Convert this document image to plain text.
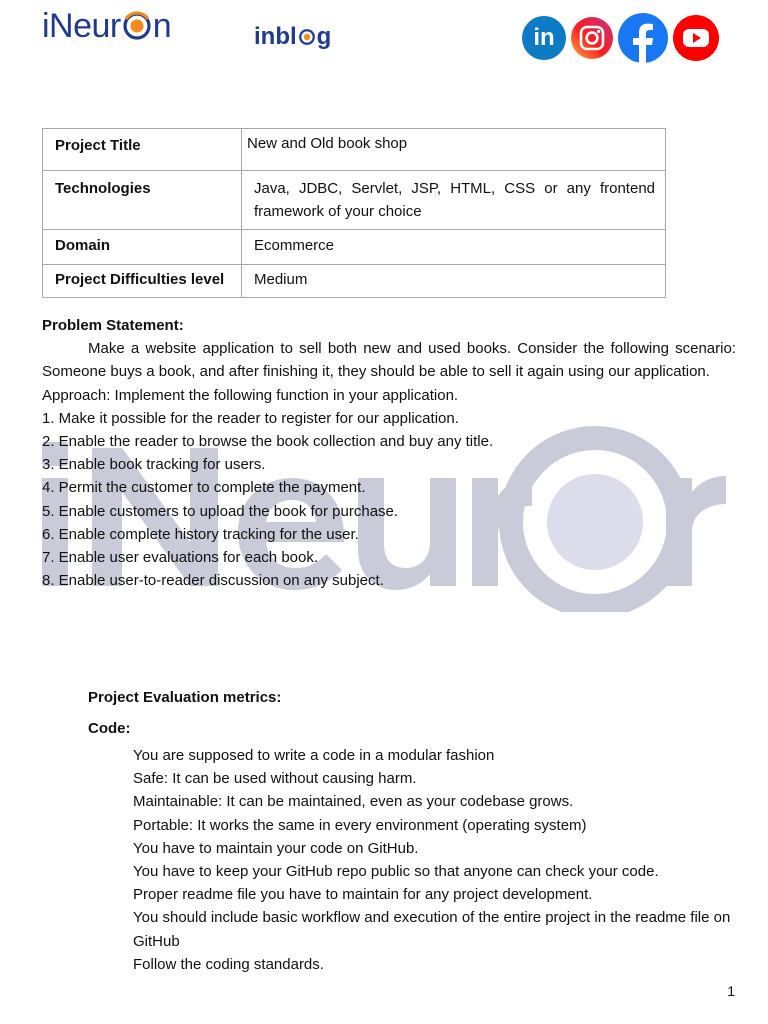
iNeur n	inbl g	in
Project Title	New and Old book shop
Technologies	Java, JDBC, Servlet, JSP, HTML, CSS or any frontend framework of your choice
Domain	Ecommerce
Project Difficulties level	Medium

Problem Statement:

Make a website application to sell both new and used books. Consider the following scenario: Someone buys a book, and after finishing it, they should be able to sell it again using our application.

Approach: Implement the following function in your application.

1. Make it possible for the reader to register for our application.

2. Enable the reader to browse the book collection and buy any title.

3. Enable book tracking for users.

4. Permit the customer to complete the payment.

5. Enable customers to upload the book for purchase.

6. Enable complete history tracking for the user.

7. Enable user evaluations for each book.

8. Enable user-to-reader discussion on any subject.

Project Evaluation metrics:

Code:

You are supposed to write a code in a modular fashion
Safe: It can be used without causing harm.
Maintainable: It can be maintained, even as your codebase grows.
Portable: It works the same in every environment (operating system)
You have to maintain your code on GitHub.
You have to keep your GitHub repo public so that anyone can check your code.
Proper readme file you have to maintain for any project development.
You should include basic workflow and execution of the entire project in the readme file on GitHub
Follow the coding standards.
1
